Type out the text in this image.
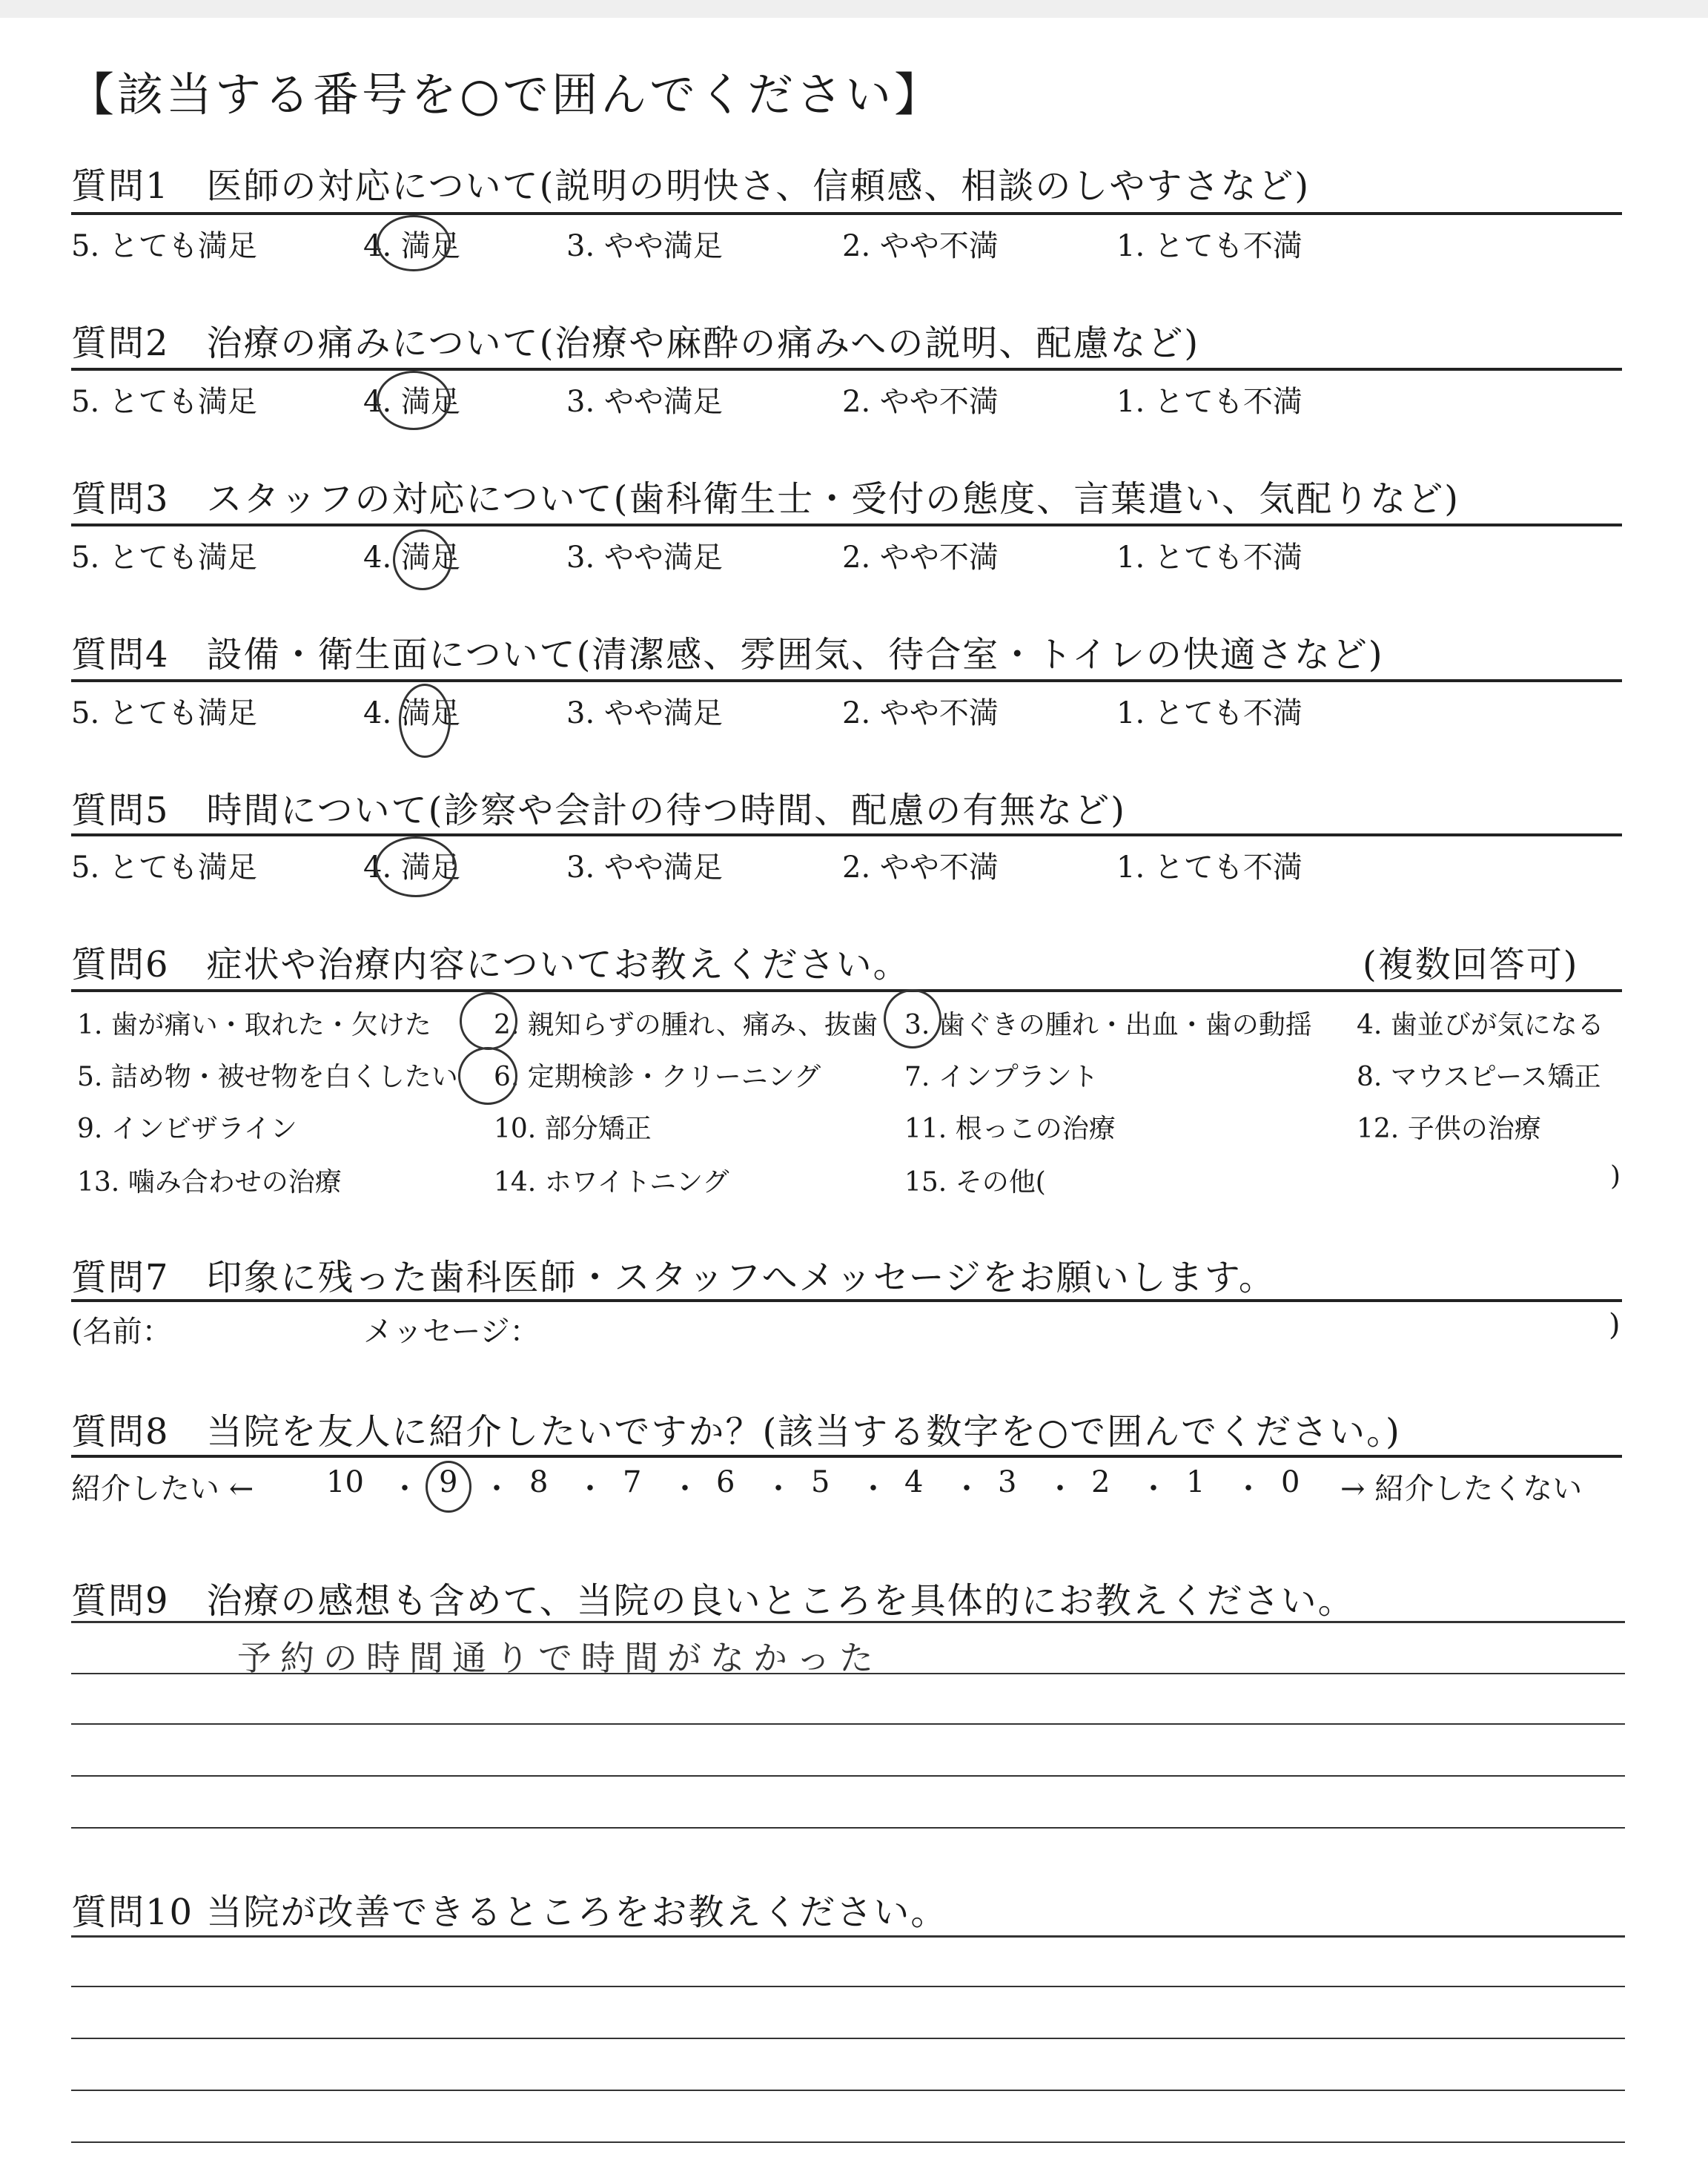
【該当する番号を○で囲んでください】
質問1　医師の対応について(説明の明快さ、信頼感、相談のしやすさなど)
5. とても満足	4. 満足	3. やや満足	2. やや不満	1. とても不満
質問2　治療の痛みについて(治療や麻酔の痛みへの説明、配慮など)
5. とても満足	4. 満足	3. やや満足	2. やや不満	1. とても不満
質問3　スタッフの対応について(歯科衛生士・受付の態度、言葉遣い、気配りなど)
5. とても満足	4. 満足	3. やや満足	2. やや不満	1. とても不満
質問4　設備・衛生面について(清潔感、雰囲気、待合室・トイレの快適さなど)
5. とても満足	4. 満足	3. やや満足	2. やや不満	1. とても不満
質問5　時間について(診察や会計の待つ時間、配慮の有無など)
5. とても満足	4. 満足	3. やや満足	2. やや不満	1. とても不満
質問6　症状や治療内容についてお教えください。	(複数回答可)
1. 歯が痛い・取れた・欠けた 2. 親知らずの腫れ、痛み、抜歯 3. 歯ぐきの腫れ・出血・歯の動揺 4. 歯並びが気になる
5. 詰め物・被せ物を白くしたい 6. 定期検診・クリーニング	7. インプラント	8. マウスピース矯正
9. インビザライン	10. 部分矯正	11. 根っこの治療	12. 子供の治療
13. 噛み合わせの治療	14. ホワイトニング	15. その他(	)
質問7　印象に残った歯科医師・スタッフへメッセージをお願いします。
(名前：	メッセージ：	)
質問8　当院を友人に紹介したいですか？(該当する数字を○で囲んでください。)
紹介したい ← 10 ・ 9 ・ 8 ・ 7 ・ 6 ・ 5 ・ 4 ・ 3 ・ 2 ・ 1 ・ 0 → 紹介したくない
質問9　治療の感想も含めて、当院の良いところを具体的にお教えください。
予約の時間通りで時間がなかった
質問10 当院が改善できるところをお教えください。
